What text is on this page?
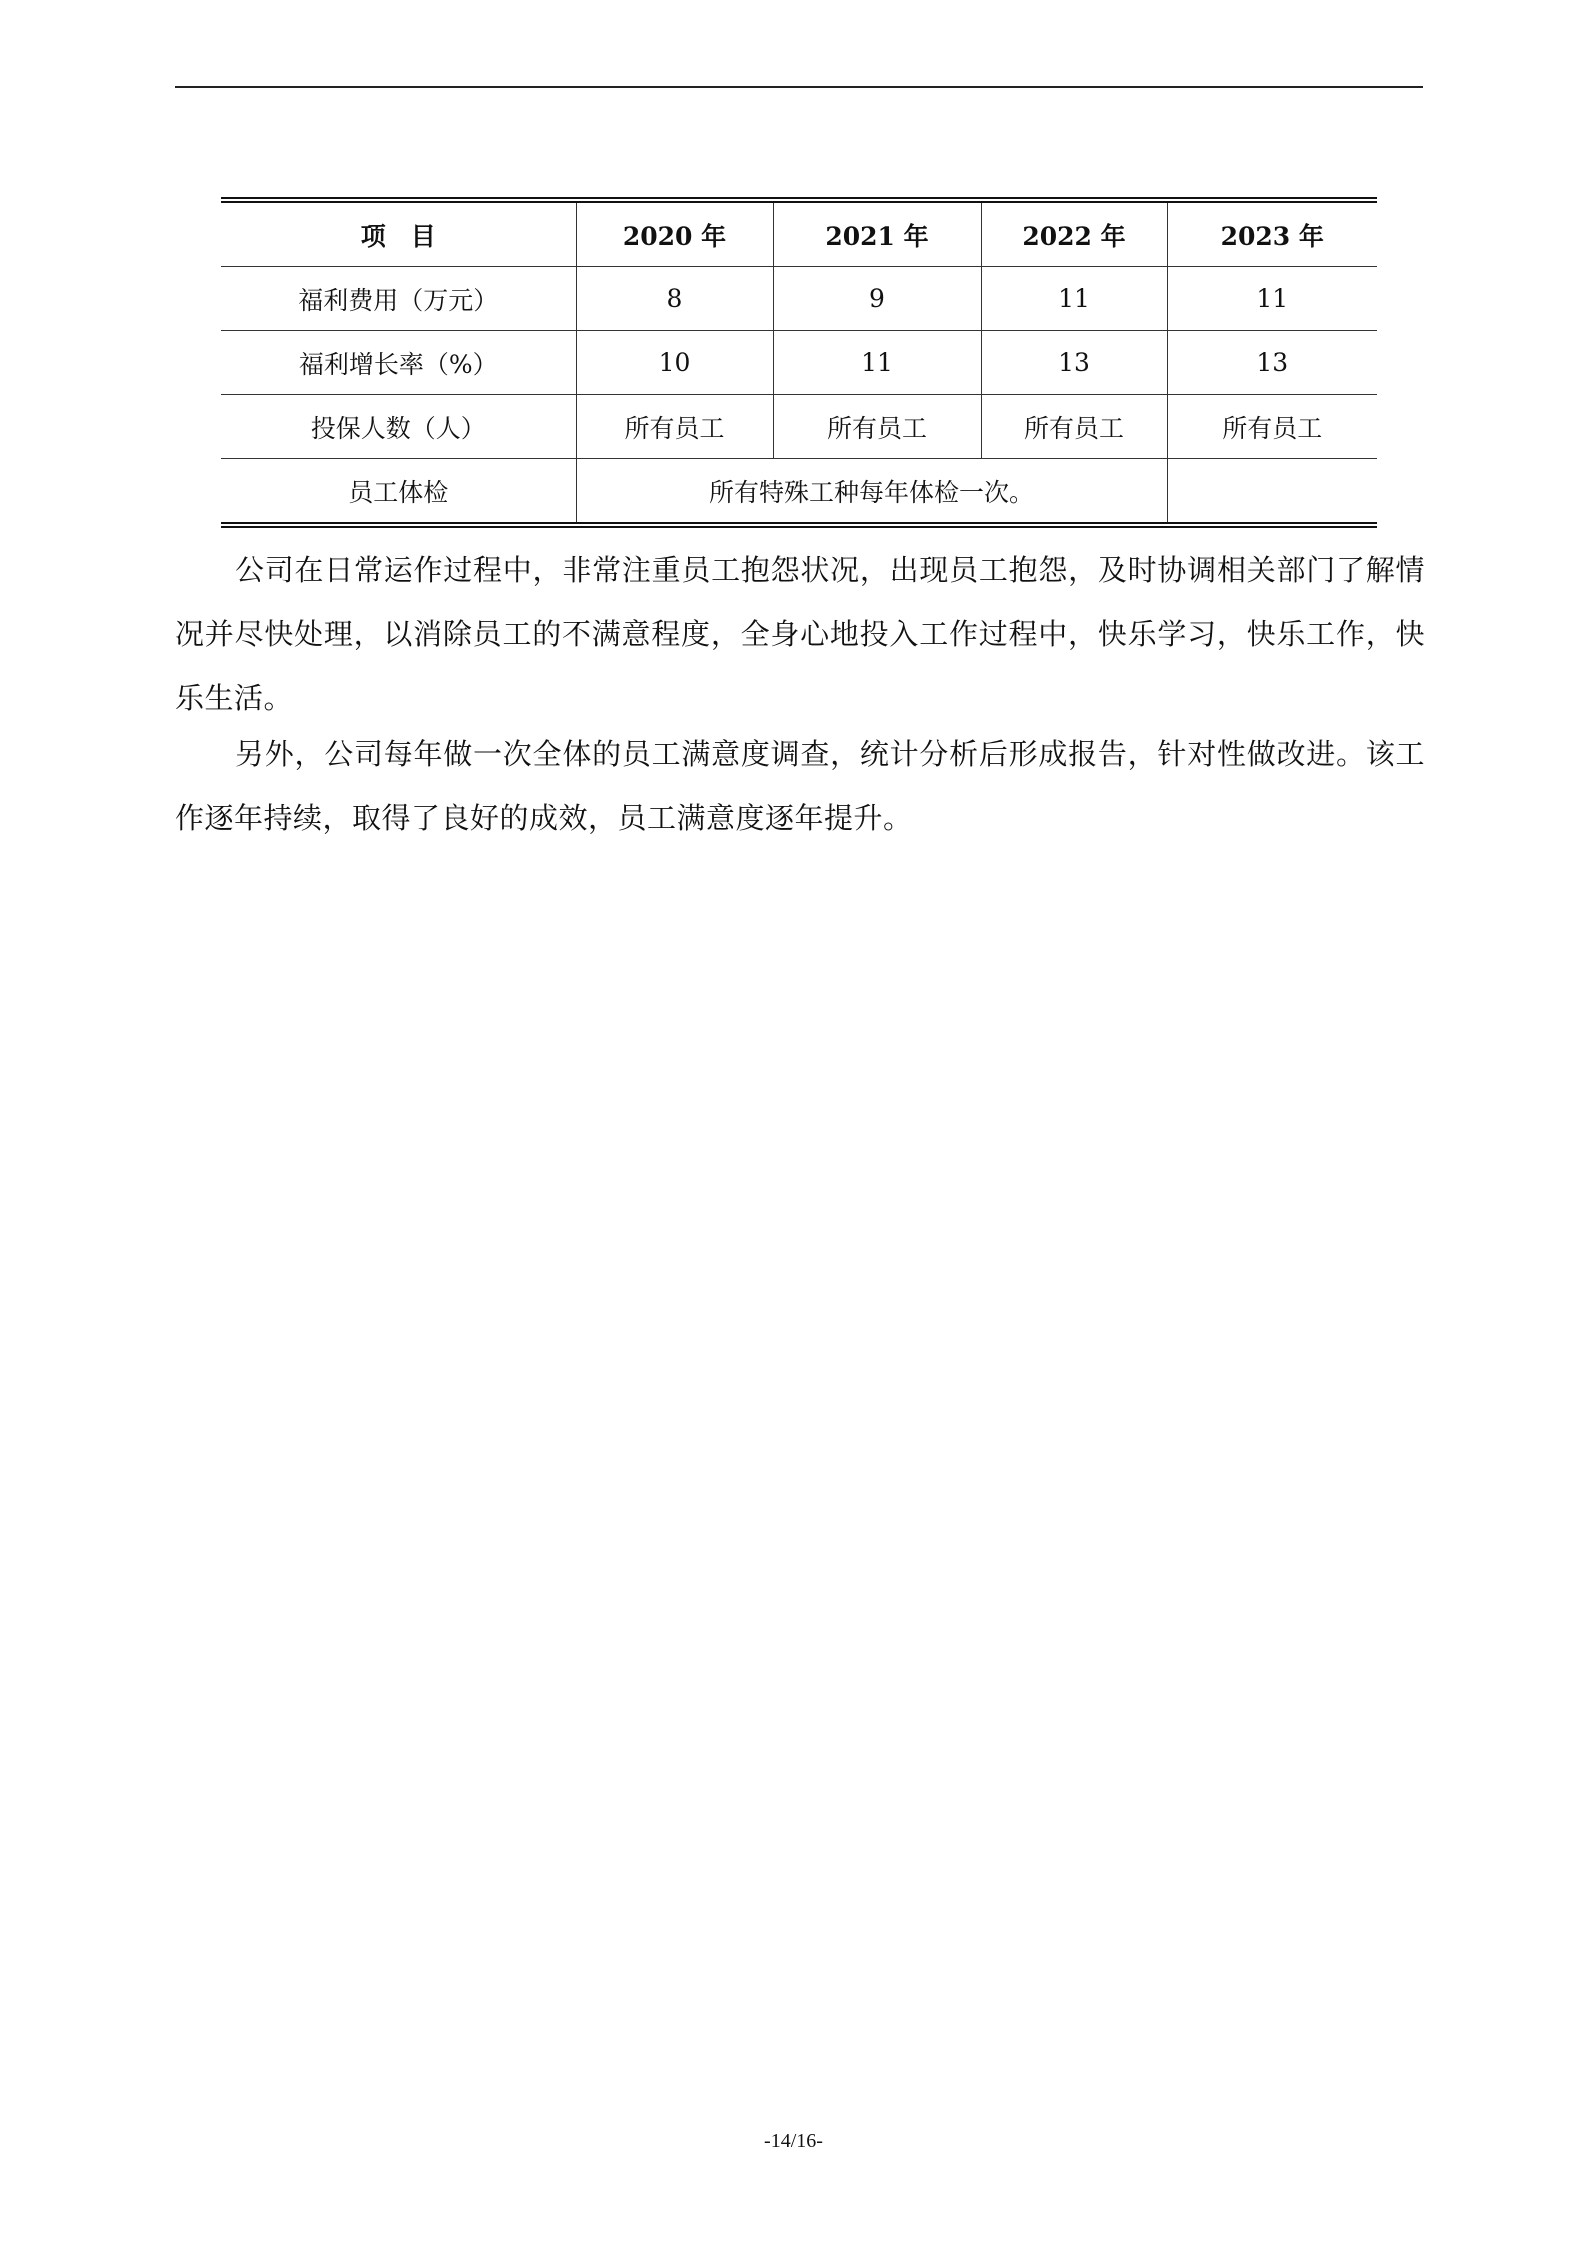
项　目	2020 年	2021 年	2022 年	2023 年
福利费用（万元）	8	9	11	11
福利增长率（%）	10	11	13	13
投保人数（人）	所有员工	所有员工	所有员工	所有员工
员工体检	所有特殊工种每年体检一次。			

公司在日常运作过程中，非常注重员工抱怨状况，出现员工抱怨，及时协调相关部门了解情况并尽快处理，以消除员工的不满意程度，全身心地投入工作过程中，快乐学习，快乐工作，快乐生活。

另外，公司每年做一次全体的员工满意度调查，统计分析后形成报告，针对性做改进。该工作逐年持续，取得了良好的成效，员工满意度逐年提升。

-14/16-
